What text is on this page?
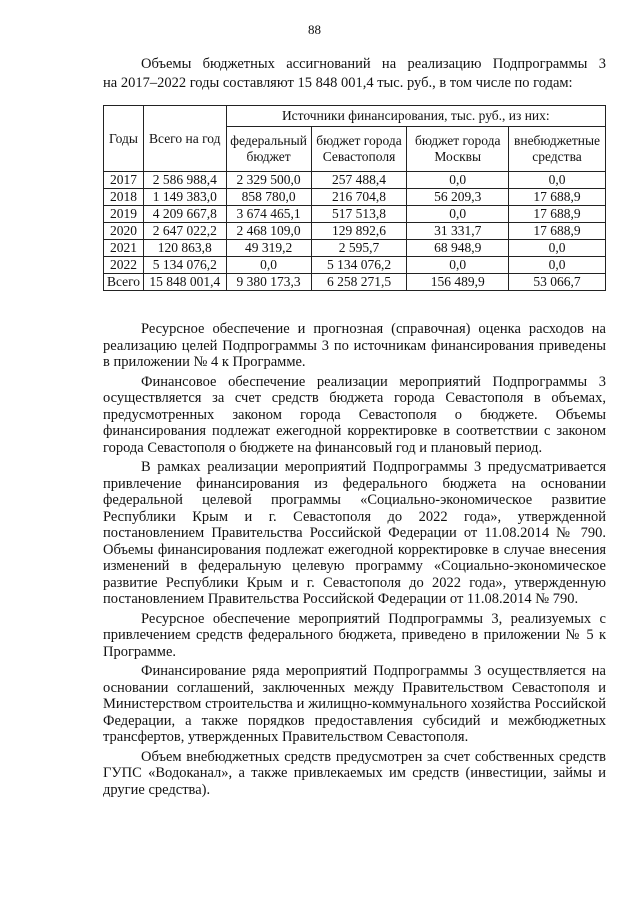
88

Объемы бюджетных ассигнований на реализацию Подпрограммы 3
на 2017–2022 годы составляют 15 848 001,4 тыс. руб., в том числе по годам:

Годы	Всего на год	Источники финансирования, тыс. руб., из них:			
		федеральный бюджет	бюджет города Севастополя	бюджет города Москвы	внебюджетные средства
2017	2 586 988,4	2 329 500,0	257 488,4	0,0	0,0
2018	1 149 383,0	858 780,0	216 704,8	56 209,3	17 688,9
2019	4 209 667,8	3 674 465,1	517 513,8	0,0	17 688,9
2020	2 647 022,2	2 468 109,0	129 892,6	31 331,7	17 688,9
2021	120 863,8	49 319,2	2 595,7	68 948,9	0,0
2022	5 134 076,2	0,0	5 134 076,2	0,0	0,0
Всего	15 848 001,4	9 380 173,3	6 258 271,5	156 489,9	53 066,7

Ресурсное обеспечение и прогнозная (справочная) оценка расходов на реализацию целей Подпрограммы 3 по источникам финансирования приведены в приложении № 4 к Программе.

Финансовое обеспечение реализации мероприятий Подпрограммы 3 осуществляется за счет средств бюджета города Севастополя в объемах, предусмотренных законом города Севастополя о бюджете. Объемы финансирования подлежат ежегодной корректировке в соответствии с законом города Севастополя о бюджете на финансовый год и плановый период.

В рамках реализации мероприятий Подпрограммы 3 предусматривается привлечение финансирования из федерального бюджета на основании федеральной целевой программы «Социально-экономическое развитие Республики Крым и г. Севастополя до 2022 года», утвержденной постановлением Правительства Российской Федерации от 11.08.2014 № 790. Объемы финансирования подлежат ежегодной корректировке в случае внесения изменений в федеральную целевую программу «Социально-экономическое развитие Республики Крым и г. Севастополя до 2022 года», утвержденную постановлением Правительства Российской Федерации от 11.08.2014 № 790.

Ресурсное обеспечение мероприятий Подпрограммы 3, реализуемых с привлечением средств федерального бюджета, приведено в приложении № 5 к Программе.

Финансирование ряда мероприятий Подпрограммы 3 осуществляется на основании соглашений, заключенных между Правительством Севастополя и Министерством строительства и жилищно-коммунального хозяйства Российской Федерации, а также порядков предоставления субсидий и межбюджетных трансфертов, утвержденных Правительством Севастополя.

Объем внебюджетных средств предусмотрен за счет собственных средств ГУПС «Водоканал», а также привлекаемых им средств (инвестиции, займы и другие средства).
